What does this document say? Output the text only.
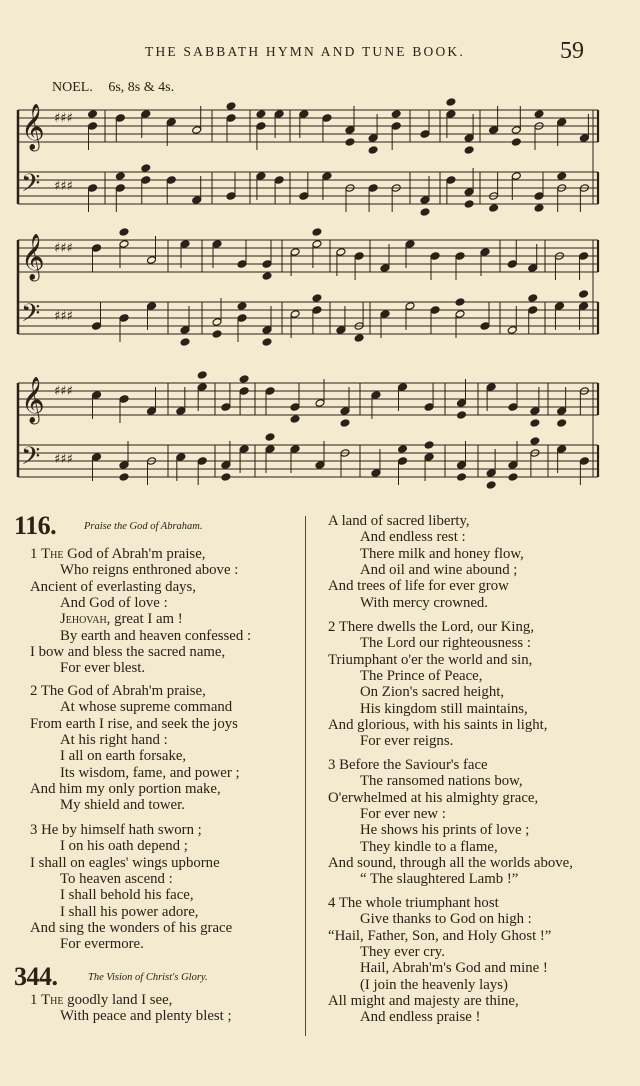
THE SABBATH HYMN AND TUNE BOOK.	59
NOEL. 6s, 8s & 4s.
𝄞 ♯♯♯
𝄢 ♯♯♯
𝄞 ♯♯♯
𝄢 ♯♯♯
𝄞 ♯♯♯
𝄢 ♯♯♯
116.	Praise the God of Abraham.
344.	The Vision of Christ's Glory.
1 The God of Abrah'm praise,
Who reigns enthroned above :
Ancient of everlasting days,
And God of love :
Jehovah, great I am !
By earth and heaven confessed :
I bow and bless the sacred name,
For ever blest.
2 The God of Abrah'm praise,
At whose supreme command
From earth I rise, and seek the joys
At his right hand :
I all on earth forsake,
Its wisdom, fame, and power ;
And him my only portion make,
My shield and tower.
3 He by himself hath sworn ;
I on his oath depend ;
I shall on eagles' wings upborne
To heaven ascend :
I shall behold his face,
I shall his power adore,
And sing the wonders of his grace
For evermore.
1 The goodly land I see,
With peace and plenty blest ;
A land of sacred liberty,
And endless rest :
There milk and honey flow,
And oil and wine abound ;
And trees of life for ever grow
With mercy crowned.
2 There dwells the Lord, our King,
The Lord our righteousness :
Triumphant o'er the world and sin,
The Prince of Peace,
On Zion's sacred height,
His kingdom still maintains,
And glorious, with his saints in light,
For ever reigns.
3 Before the Saviour's face
The ransomed nations bow,
O'erwhelmed at his almighty grace,
For ever new :
He shows his prints of love ;
They kindle to a flame,
And sound, through all the worlds above,
“ The slaughtered Lamb !”
4 The whole triumphant host
Give thanks to God on high :
“Hail, Father, Son, and Holy Ghost !”
They ever cry.
Hail, Abrah'm's God and mine !
(I join the heavenly lays)
All might and majesty are thine,
And endless praise !
